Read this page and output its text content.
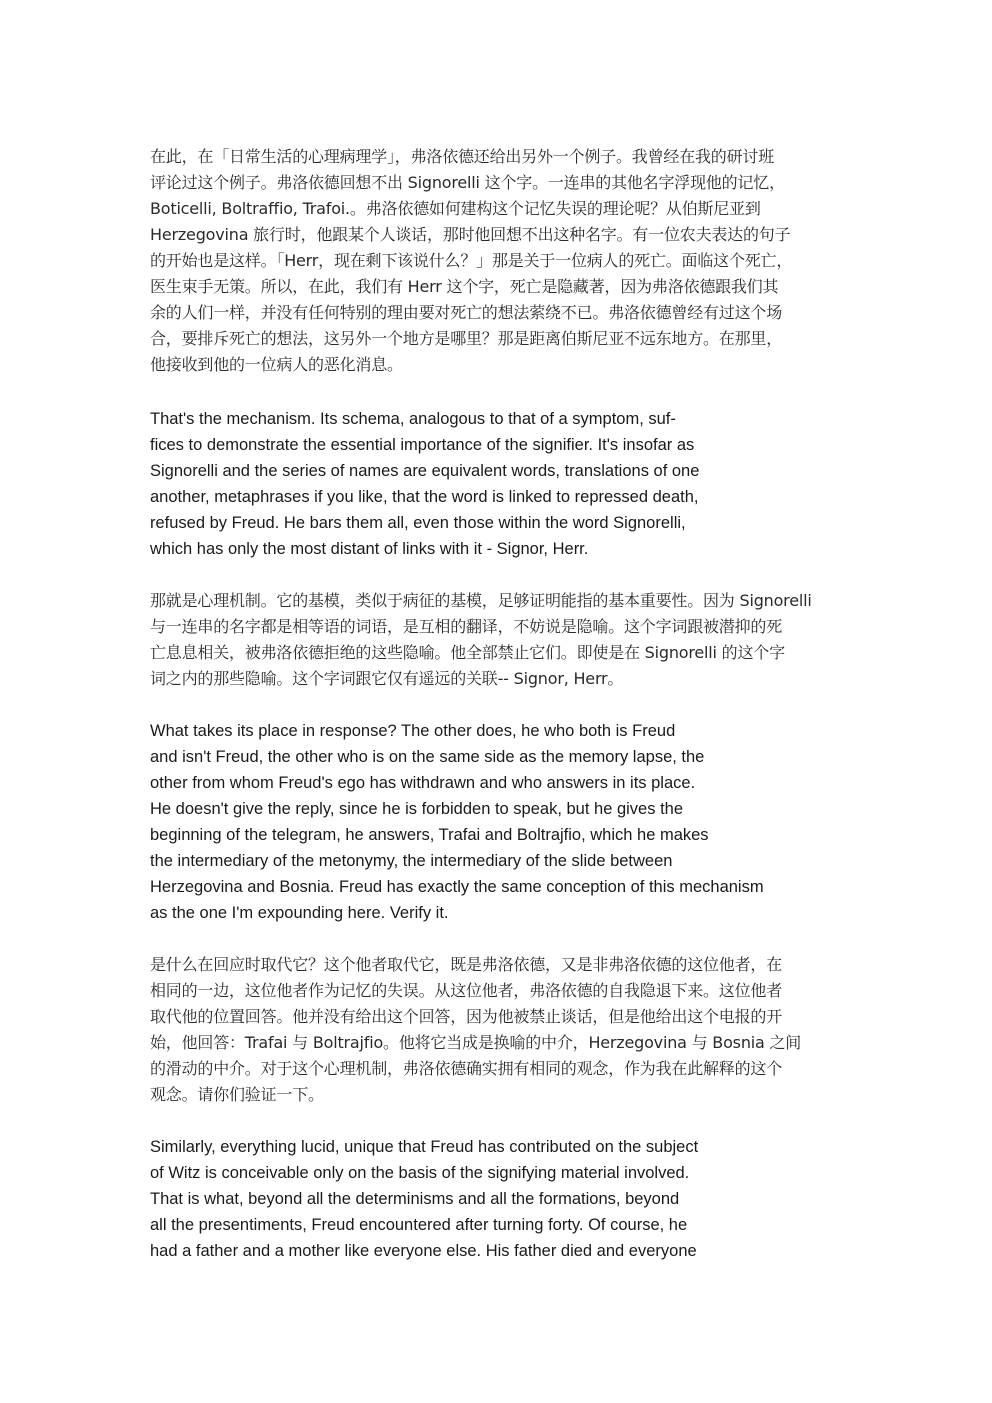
在此，在「日常生活的心理病理学」，弗洛依德还给出另外一个例子。我曾经在我的研讨班
评论过这个例子。弗洛依德回想不出 Signorelli 这个字。一连串的其他名字浮现他的记忆，
Boticelli, Boltraffio, Trafoi.。弗洛依德如何建构这个记忆失误的理论呢？从伯斯尼亚到
Herzegovina 旅行时，他跟某个人谈话，那时他回想不出这种名字。有一位农夫表达的句子
的开始也是这样。「Herr，现在剩下该说什么？」那是关于一位病人的死亡。面临这个死亡，
医生束手无策。所以，在此，我们有 Herr 这个字，死亡是隐藏著，因为弗洛依德跟我们其
余的人们一样，并没有任何特别的理由要对死亡的想法萦绕不已。弗洛依德曾经有过这个场
合，要排斥死亡的想法，这另外一个地方是哪里？那是距离伯斯尼亚不远东地方。在那里，
他接收到他的一位病人的恶化消息。
That's the mechanism. Its schema, analogous to that of a symptom, suf-
fices to demonstrate the essential importance of the signifier. It's insofar as
Signorelli and the series of names are equivalent words, translations of one
another, metaphrases if you like, that the word is linked to repressed death,
refused by Freud. He bars them all, even those within the word Signorelli,
which has only the most distant of links with it - Signor, Herr.
那就是心理机制。它的基模，类似于病征的基模，足够证明能指的基本重要性。因为 Signorelli
与一连串的名字都是相等语的词语，是互相的翻译，不妨说是隐喻。这个字词跟被潜抑的死
亡息息相关，被弗洛依德拒绝的这些隐喻。他全部禁止它们。即使是在 Signorelli 的这个字
词之内的那些隐喻。这个字词跟它仅有遥远的关联-- Signor, Herr。
What takes its place in response? The other does, he who both is Freud
and isn't Freud, the other who is on the same side as the memory lapse, the
other from whom Freud's ego has withdrawn and who answers in its place.
He doesn't give the reply, since he is forbidden to speak, but he gives the
beginning of the telegram, he answers, Trafai and Boltrajfio, which he makes
the intermediary of the metonymy, the intermediary of the slide between
Herzegovina and Bosnia. Freud has exactly the same conception of this mechanism
as the one I'm expounding here. Verify it.
是什么在回应时取代它？这个他者取代它，既是弗洛依德，又是非弗洛依德的这位他者，在
相同的一边，这位他者作为记忆的失误。从这位他者，弗洛依德的自我隐退下来。这位他者
取代他的位置回答。他并没有给出这个回答，因为他被禁止谈话，但是他给出这个电报的开
始，他回答：Trafai 与 Boltrajfio。他将它当成是换喻的中介，Herzegovina 与 Bosnia 之间
的滑动的中介。对于这个心理机制，弗洛依德确实拥有相同的观念，作为我在此解释的这个
观念。请你们验证一下。
Similarly, everything lucid, unique that Freud has contributed on the subject
of Witz is conceivable only on the basis of the signifying material involved.
That is what, beyond all the determinisms and all the formations, beyond
all the presentiments, Freud encountered after turning forty. Of course, he
had a father and a mother like everyone else. His father died and everyone
